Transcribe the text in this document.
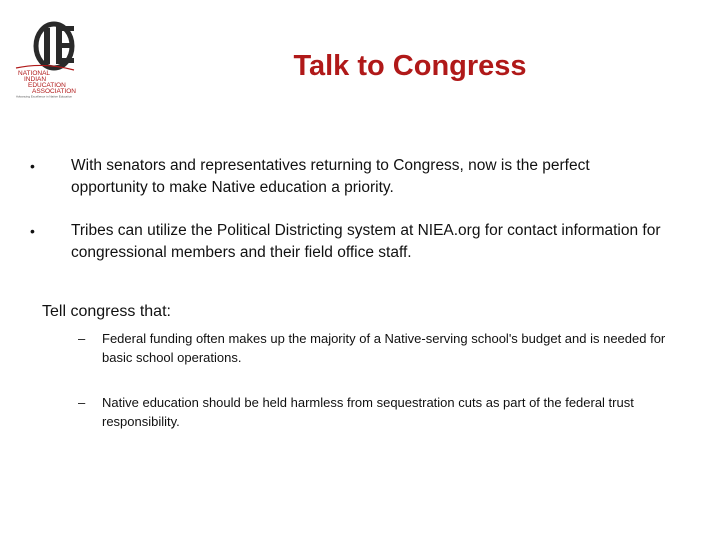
NATIONAL
INDIAN
EDUCATION
ASSOCIATION
Advancing Excellence in Native Education
Talk to Congress
•	With senators and representatives returning to Congress, now is the perfect opportunity to make Native education a priority.
•	Tribes can utilize the Political Districting system at NIEA.org for contact information for congressional members and their field office staff.
Tell congress that:
– Federal funding often makes up the majority of a Native-serving school's budget and is needed for basic school operations.
– Native education should be held harmless from sequestration cuts as part of the federal trust responsibility.
